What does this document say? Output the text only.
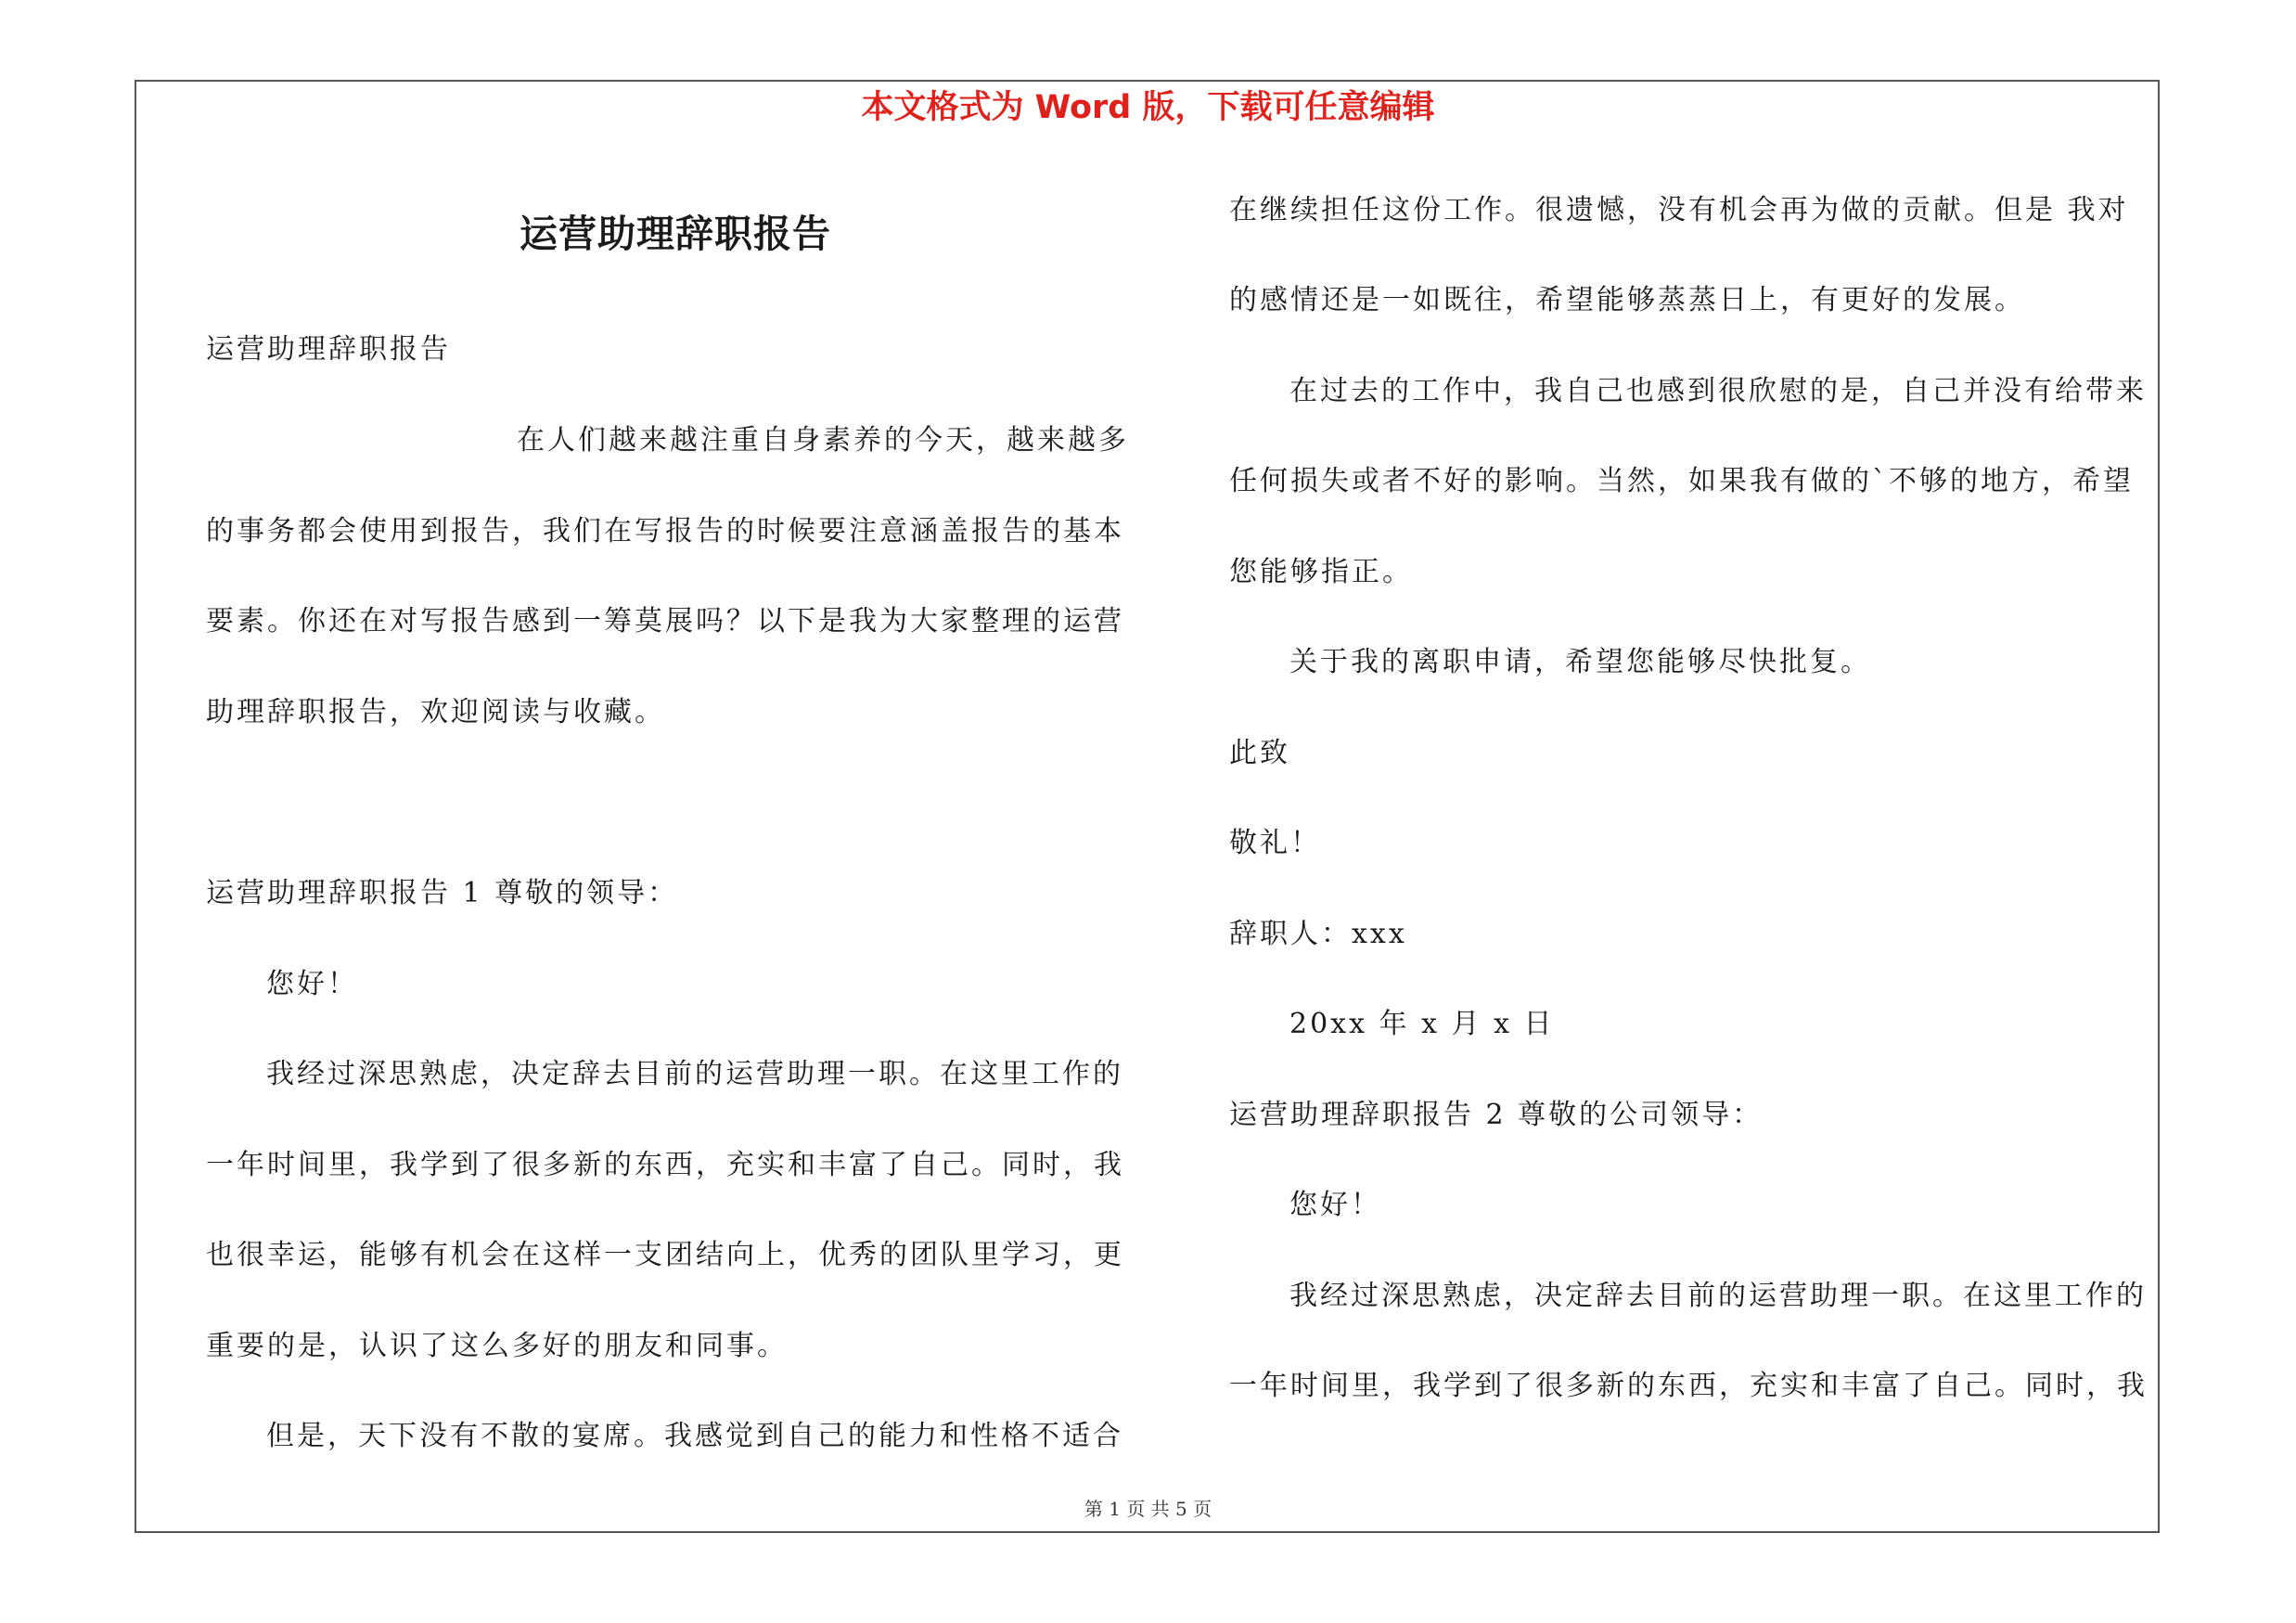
本文格式为 Word 版，下载可任意编辑
运营助理辞职报告
运营助理辞职报告
在人们越来越注重自身素养的今天，越来越多
的事务都会使用到报告，我们在写报告的时候要注意涵盖报告的基本
要素。你还在对写报告感到一筹莫展吗？以下是我为大家整理的运营
助理辞职报告，欢迎阅读与收藏。
运营助理辞职报告 1 尊敬的领导：
您好！
我经过深思熟虑，决定辞去目前的运营助理一职。在这里工作的
一年时间里，我学到了很多新的东西，充实和丰富了自己。同时，我
也很幸运，能够有机会在这样一支团结向上，优秀的团队里学习，更
重要的是，认识了这么多好的朋友和同事。
但是，天下没有不散的宴席。我感觉到自己的能力和性格不适合
在继续担任这份工作。很遗憾，没有机会再为做的贡献。但是 我对
的感情还是一如既往，希望能够蒸蒸日上，有更好的发展。
在过去的工作中，我自己也感到很欣慰的是，自己并没有给带来
任何损失或者不好的影响。当然，如果我有做的`不够的地方，希望
您能够指正。
关于我的离职申请，希望您能够尽快批复。
此致
敬礼！
辞职人：xxx
20xx 年 x 月 x 日
运营助理辞职报告 2 尊敬的公司领导：
您好！
我经过深思熟虑，决定辞去目前的运营助理一职。在这里工作的
一年时间里，我学到了很多新的东西，充实和丰富了自己。同时，我
第 1 页 共 5 页
